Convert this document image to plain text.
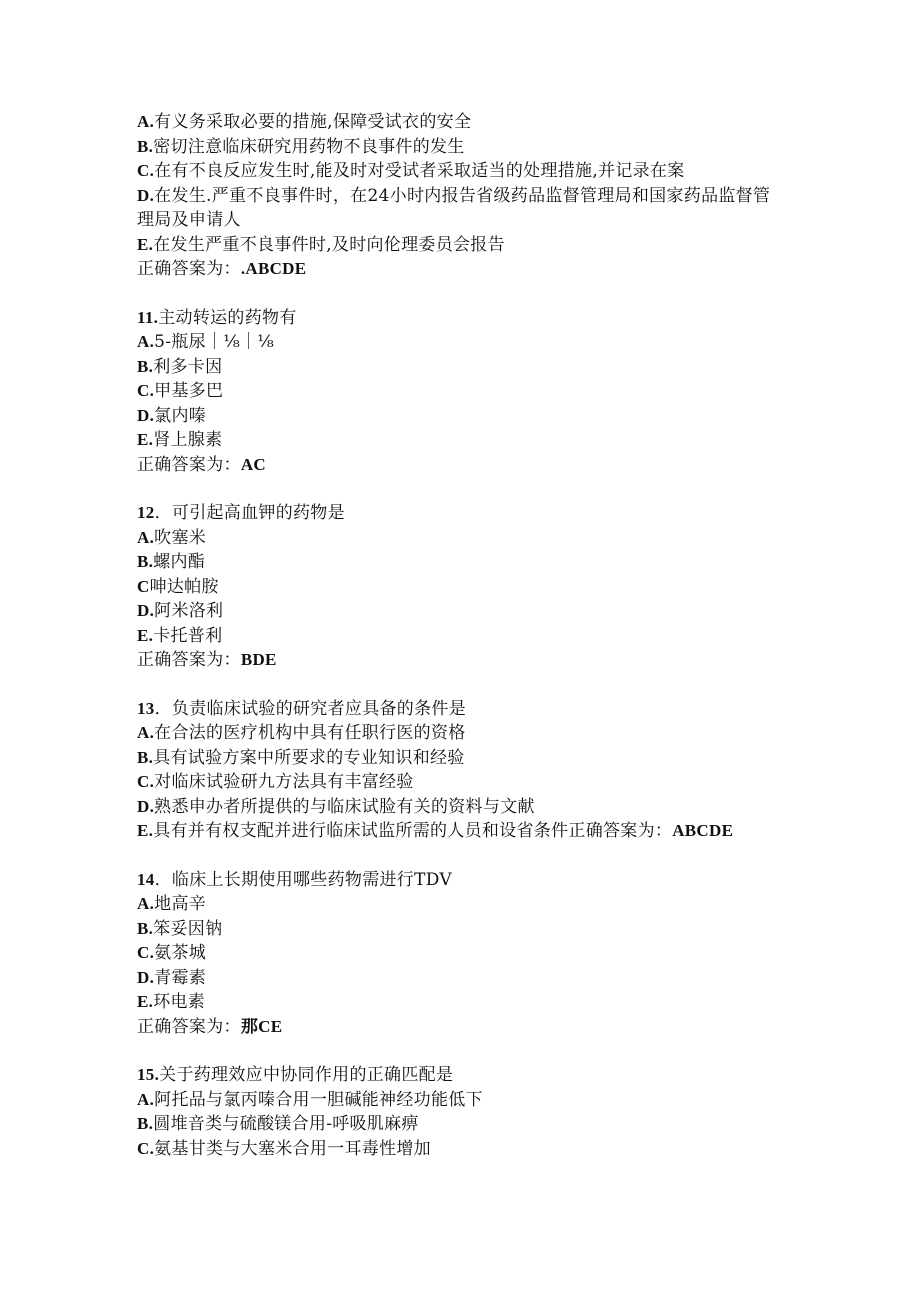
A.有义务采取必要的措施,保障受试衣的安全
B.密切注意临床研究用药物不良事件的发生
C.在有不良反应发生时,能及时对受试者采取适当的处理措施,并记录在案
D.在发生.严重不良事件时，在24小时内报告省级药品监督管理局和国家药品监督管理局及申请人
E.在发生严重不良事件时,及时向伦理委员会报告
正确答案为：.ABCDE
11.主动转运的药物有
A.5-瓶尿｜⅛｜⅛
B.利多卡因
C.甲基多巴
D.氯内嗪
E.肾上腺素
正确答案为：AC
12．可引起高血钾的药物是
A.吹塞米
B.螺内酯
C呻达帕胺
D.阿米洛利
E.卡托普利
正确答案为：BDE
13．负责临床试验的研究者应具备的条件是
A.在合法的医疗机构中具有任职行医的资格
B.具有试验方案中所要求的专业知识和经验
C.对临床试验研九方法具有丰富经验
D.熟悉申办者所提供的与临床试脸有关的资料与文献
E.具有并有权支配并进行临床试监所需的人员和设省条件正确答案为：ABCDE
14．临床上长期使用哪些药物需进行TDV
A.地高辛
B.笨妥因钠
C.氨茶城
D.青霉素
E.环电素
正确答案为：那CE
15.关于药理效应中协同作用的正确匹配是
A.阿托品与氯丙嗪合用一胆碱能神经功能低下
B.圆堆音类与硫酸镁合用-呼吸肌麻痹
C.氨基甘类与大塞米合用一耳毒性增加
